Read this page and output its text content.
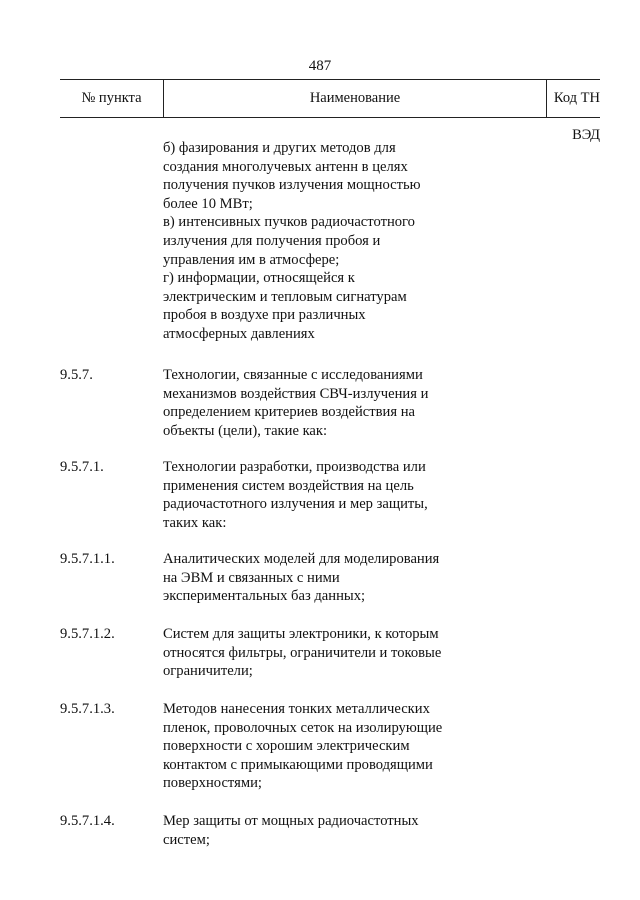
487
№ пункта	Наименование	Код ТН ВЭД
б) фазирования и других методов для
создания многолучевых антенн в целях
получения пучков излучения мощностью
более 10 МВт;
в) интенсивных пучков радиочастотного
излучения для получения пробоя и
управления им в атмосфере;
г) информации, относящейся к
электрическим и тепловым сигнатурам
пробоя в воздухе при различных
атмосферных давлениях
9.5.7.	Технологии, связанные с исследованиями
механизмов воздействия СВЧ-излучения и
определением критериев воздействия на
объекты (цели), такие как:
9.5.7.1.	Технологии разработки, производства или
применения систем воздействия на цель
радиочастотного излучения и мер защиты,
таких как:
9.5.7.1.1.	Аналитических моделей для моделирования
на ЭВМ и связанных с ними
экспериментальных баз данных;
9.5.7.1.2.	Систем для защиты электроники, к которым
относятся фильтры, ограничители и токовые
ограничители;
9.5.7.1.3.	Методов нанесения тонких металлических
пленок, проволочных сеток на изолирующие
поверхности с хорошим электрическим
контактом с примыкающими проводящими
поверхностями;
9.5.7.1.4.	Мер защиты от мощных радиочастотных
систем;
